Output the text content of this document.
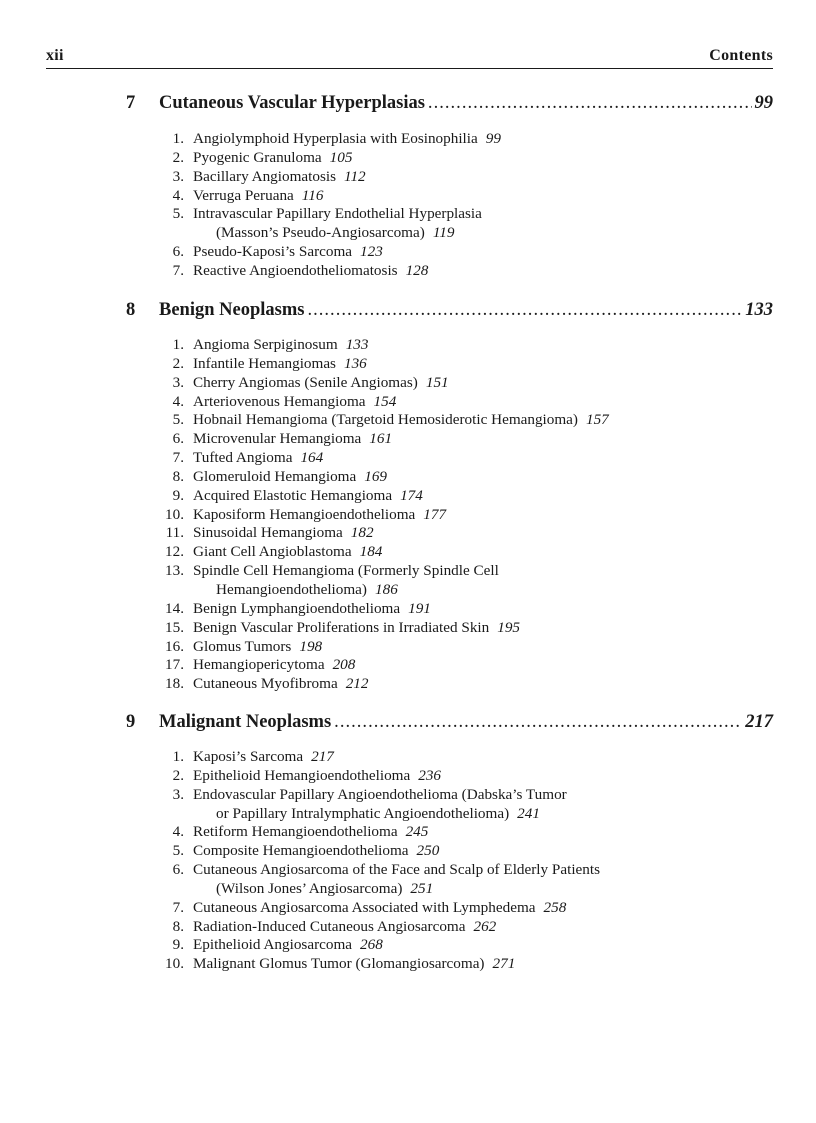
xii	Contents
7 Cutaneous Vascular Hyperplasias . . .	99
1. Angiolymphoid Hyperplasia with Eosinophilia 99
2. Pyogenic Granuloma 105
3. Bacillary Angiomatosis 112
4. Verruga Peruana 116
5. Intravascular Papillary Endothelial Hyperplasia
(Masson’s Pseudo-Angiosarcoma) 119
6. Pseudo-Kaposi’s Sarcoma 123
7. Reactive Angioendotheliomatosis 128
8 Benign Neoplasms . . .	133
1. Angioma Serpiginosum 133
2. Infantile Hemangiomas 136
3. Cherry Angiomas (Senile Angiomas) 151
4. Arteriovenous Hemangioma 154
5. Hobnail Hemangioma (Targetoid Hemosiderotic Hemangioma) 157
6. Microvenular Hemangioma 161
7. Tufted Angioma 164
8. Glomeruloid Hemangioma 169
9. Acquired Elastotic Hemangioma 174
10. Kaposiform Hemangioendothelioma 177
11. Sinusoidal Hemangioma 182
12. Giant Cell Angioblastoma 184
13. Spindle Cell Hemangioma (Formerly Spindle Cell
Hemangioendothelioma) 186
14. Benign Lymphangioendothelioma 191
15. Benign Vascular Proliferations in Irradiated Skin 195
16. Glomus Tumors 198
17. Hemangiopericytoma 208
18. Cutaneous Myofibroma 212
9 Malignant Neoplasms . . .	217
1. Kaposi’s Sarcoma 217
2. Epithelioid Hemangioendothelioma 236
3. Endovascular Papillary Angioendothelioma (Dabska’s Tumor
or Papillary Intralymphatic Angioendothelioma) 241
4. Retiform Hemangioendothelioma 245
5. Composite Hemangioendothelioma 250
6. Cutaneous Angiosarcoma of the Face and Scalp of Elderly Patients
(Wilson Jones’ Angiosarcoma) 251
7. Cutaneous Angiosarcoma Associated with Lymphedema 258
8. Radiation-Induced Cutaneous Angiosarcoma 262
9. Epithelioid Angiosarcoma 268
10. Malignant Glomus Tumor (Glomangiosarcoma) 271
